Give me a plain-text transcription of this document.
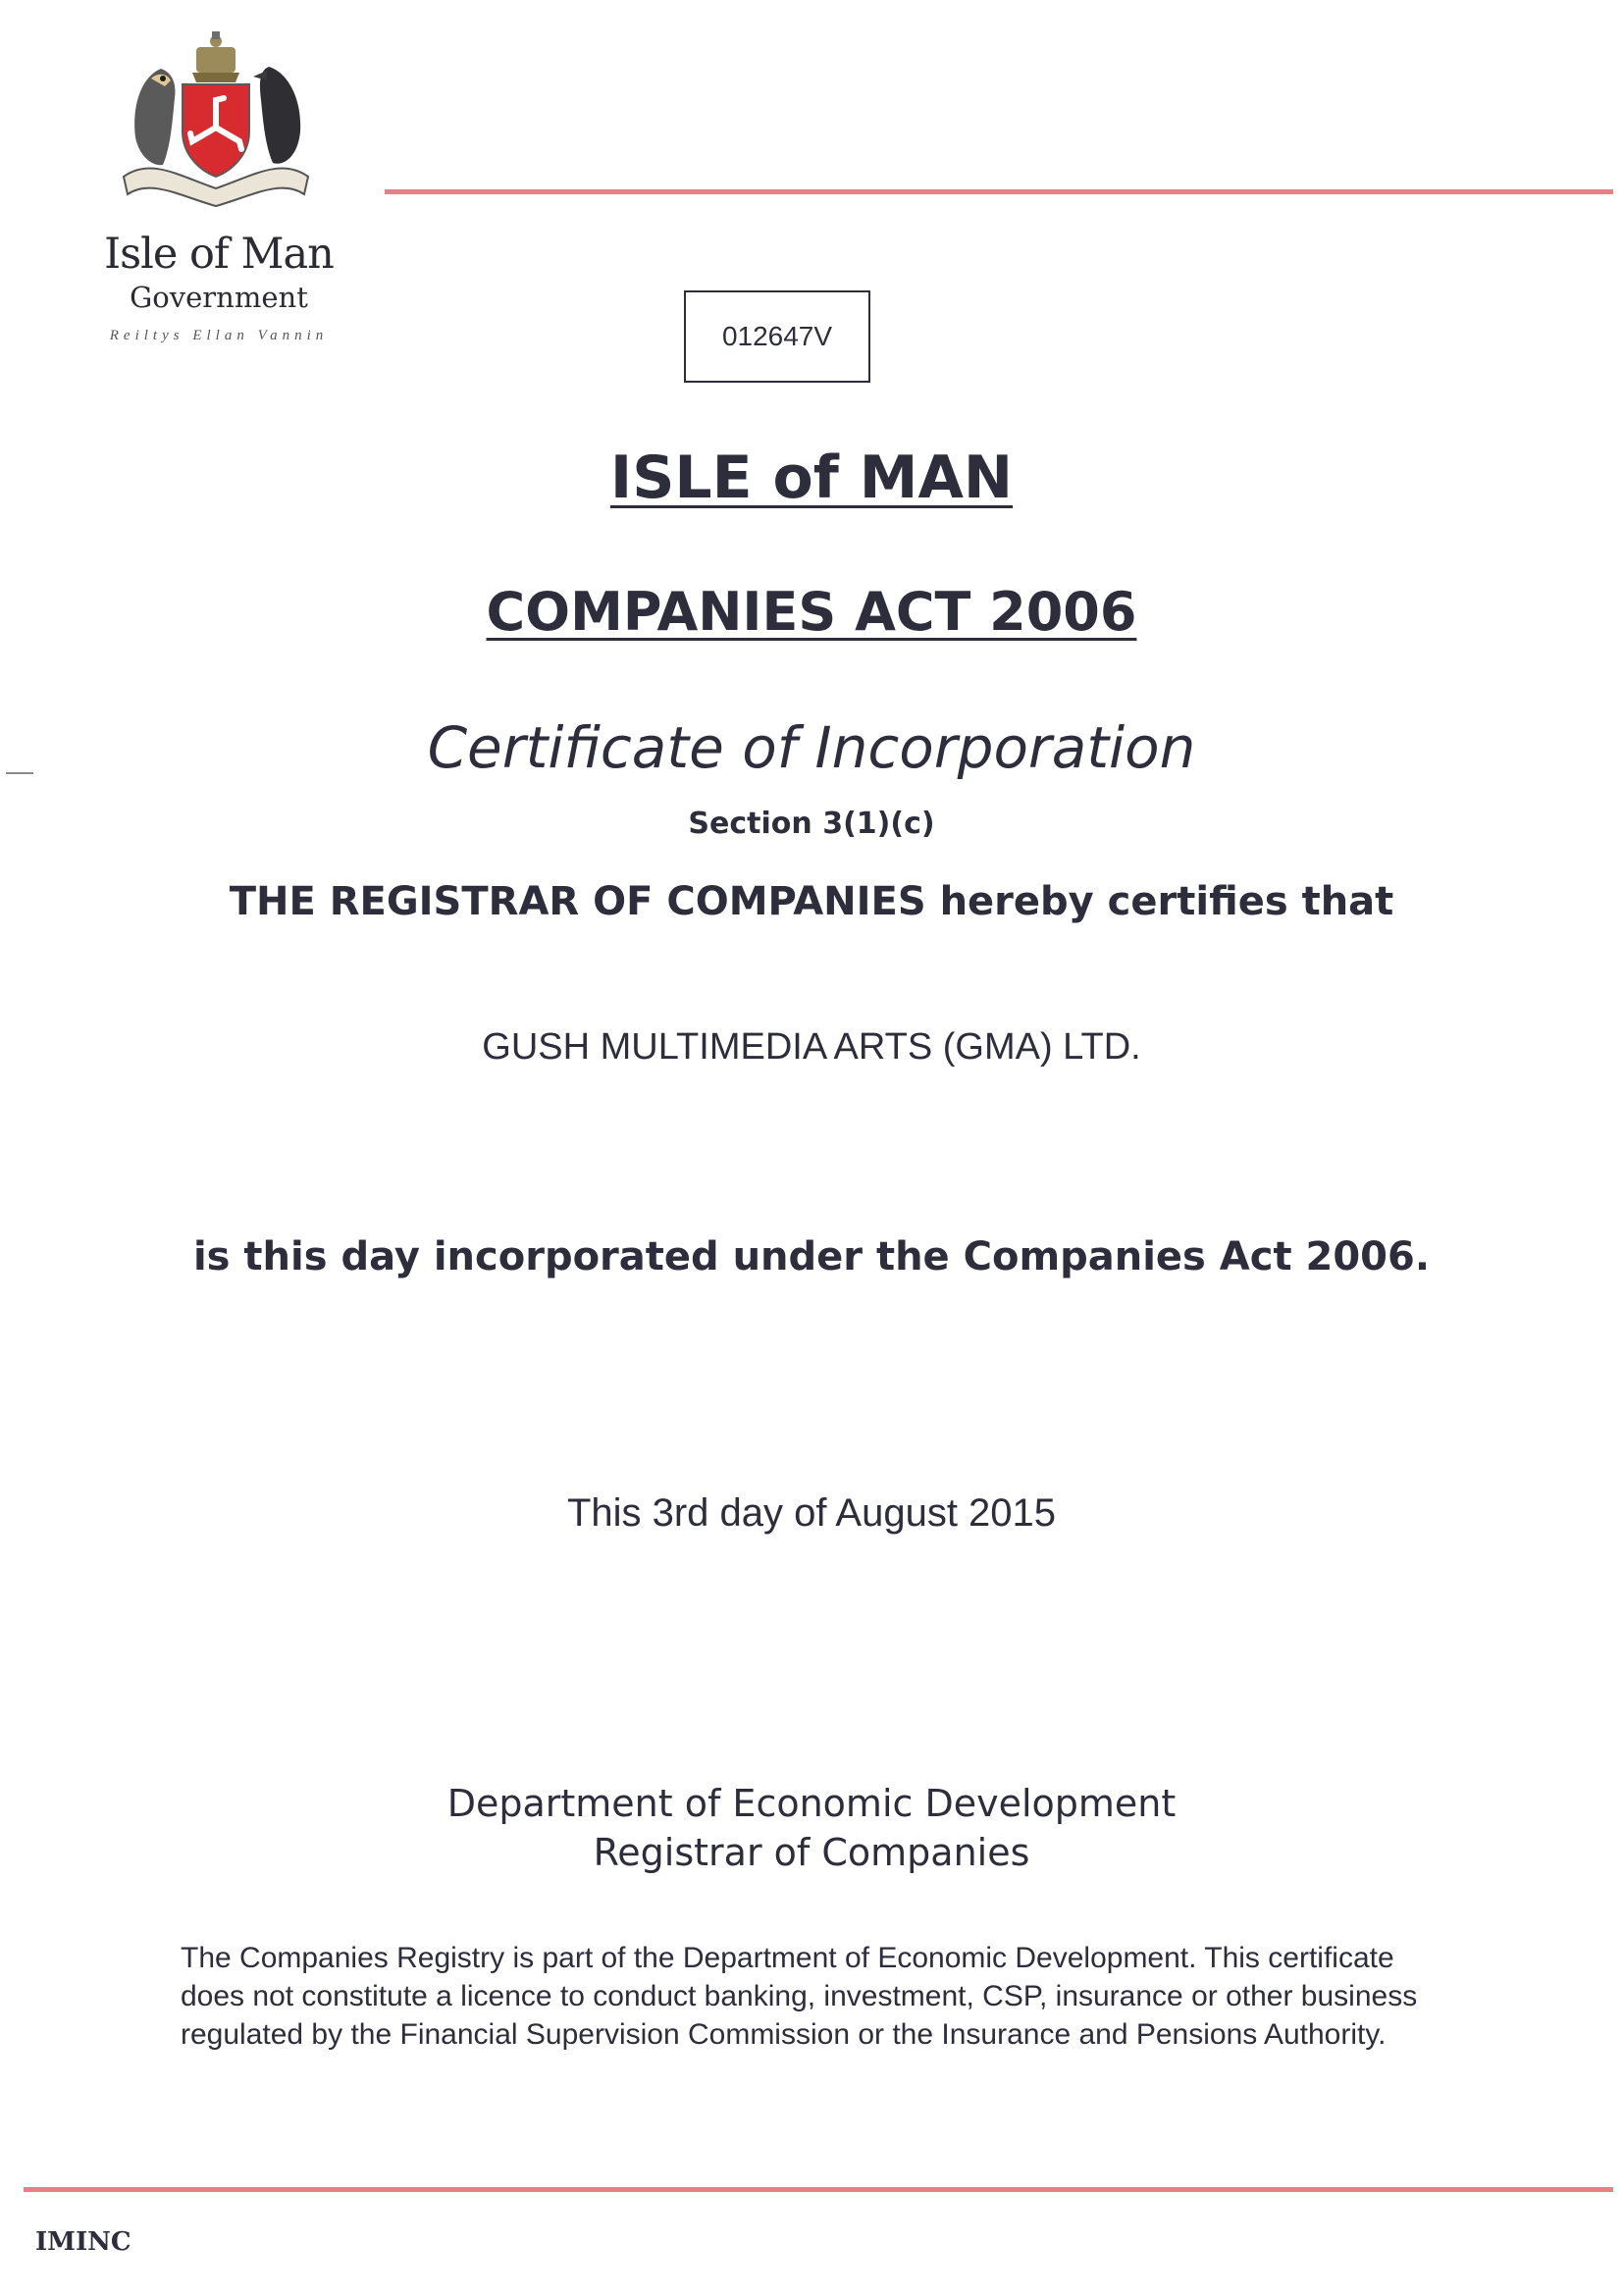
Isle of Man
Government
Reiltys Ellan Vannin	012647V
ISLE of MAN
COMPANIES ACT 2006
Certificate of Incorporation
Section 3(1)(c)
THE REGISTRAR OF COMPANIES hereby certifies that
GUSH MULTIMEDIA ARTS (GMA) LTD.
is this day incorporated under the Companies Act 2006.
This 3rd day of August 2015
Department of Economic Development
Registrar of Companies
The Companies Registry is part of the Department of Economic Development. This certificate does not constitute a licence to conduct banking, investment, CSP, insurance or other business regulated by the Financial Supervision Commission or the Insurance and Pensions Authority.
IMINC
